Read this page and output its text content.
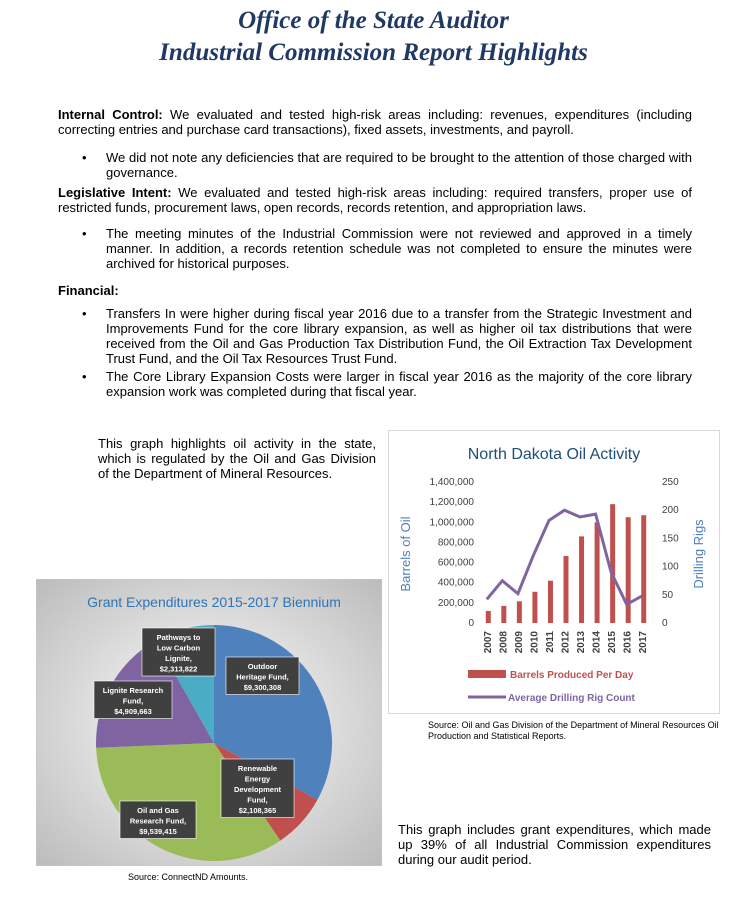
Office of the State Auditor
Industrial Commission Report Highlights
Internal Control: We evaluated and tested high-risk areas including: revenues, expenditures (including correcting entries and purchase card transactions), fixed assets, investments, and payroll.
• We did not note any deficiencies that are required to be brought to the attention of those charged with governance.
Legislative Intent: We evaluated and tested high-risk areas including: required transfers, proper use of restricted funds, procurement laws, open records, records retention, and appropriation laws.
• The meeting minutes of the Industrial Commission were not reviewed and approved in a timely manner. In addition, a records retention schedule was not completed to ensure the minutes were archived for historical purposes.
Financial:
• Transfers In were higher during fiscal year 2016 due to a transfer from the Strategic Investment and Improvements Fund for the core library expansion, as well as higher oil tax distributions that were received from the Oil and Gas Production Tax Distribution Fund, the Oil Extraction Tax Development Trust Fund, and the Oil Tax Resources Trust Fund.
• The Core Library Expansion Costs were larger in fiscal year 2016 as the majority of the core library expansion work was completed during that fiscal year.
This graph highlights oil activity in the state, which is regulated by the Oil and Gas Division of the Department of Mineral Resources.
North Dakota Oil Activity
1,400,000
1,200,000
1,000,000
800,000
600,000
400,000
200,000
0
250
200
150
100
50
0
2007 2008 2009 2010 2011 2012 2013 2014 2015 2016 2017
Barrels of Oil	Drilling Rigs
Barrels Produced Per Day
Average Drilling Rig Count
Source: Oil and Gas Division of the Department of Mineral Resources Oil Production and Statistical Reports.
Grant Expenditures 2015-2017 Biennium
Outdoor Heritage Fund, $9,300,308
Renewable Energy Development Fund, $2,108,365
Oil and Gas Research Fund, $9,539,415
Lignite Research Fund, $4,909,663
Pathways to Low Carbon Lignite, $2,313,822
Source: ConnectND Amounts.
This graph includes grant expenditures, which made up 39% of all Industrial Commission expenditures during our audit period.
